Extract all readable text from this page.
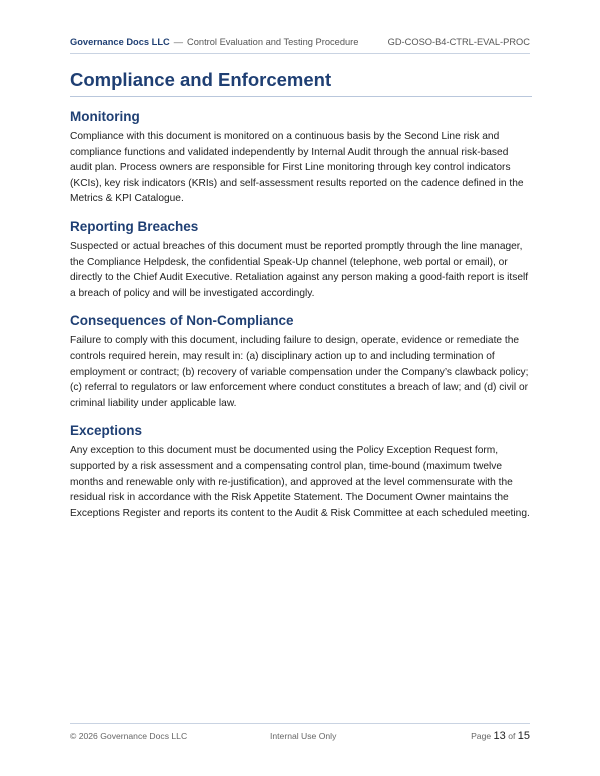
Governance Docs LLC — Control Evaluation and Testing Procedure	GD-COSO-B4-CTRL-EVAL-PROC
Compliance and Enforcement
Monitoring

Compliance with this document is monitored on a continuous basis by the Second Line risk and compliance functions and validated independently by Internal Audit through the annual risk-based audit plan. Process owners are responsible for First Line monitoring through key control indicators (KCIs), key risk indicators (KRIs) and self-assessment results reported on the cadence defined in the Metrics & KPI Catalogue.

Reporting Breaches

Suspected or actual breaches of this document must be reported promptly through the line manager, the Compliance Helpdesk, the confidential Speak-Up channel (telephone, web portal or email), or directly to the Chief Audit Executive. Retaliation against any person making a good-faith report is itself a breach of policy and will be investigated accordingly.

Consequences of Non-Compliance

Failure to comply with this document, including failure to design, operate, evidence or remediate the controls required herein, may result in: (a) disciplinary action up to and including termination of employment or contract; (b) recovery of variable compensation under the Company’s clawback policy; (c) referral to regulators or law enforcement where conduct constitutes a breach of law; and (d) civil or criminal liability under applicable law.

Exceptions

Any exception to this document must be documented using the Policy Exception Request form, supported by a risk assessment and a compensating control plan, time-bound (maximum twelve months and renewable only with re-justification), and approved at the level commensurate with the residual risk in accordance with the Risk Appetite Statement. The Document Owner maintains the Exceptions Register and reports its content to the Audit & Risk Committee at each scheduled meeting.

© 2026 Governance Docs LLC	Internal Use Only	Page 13 of 15
